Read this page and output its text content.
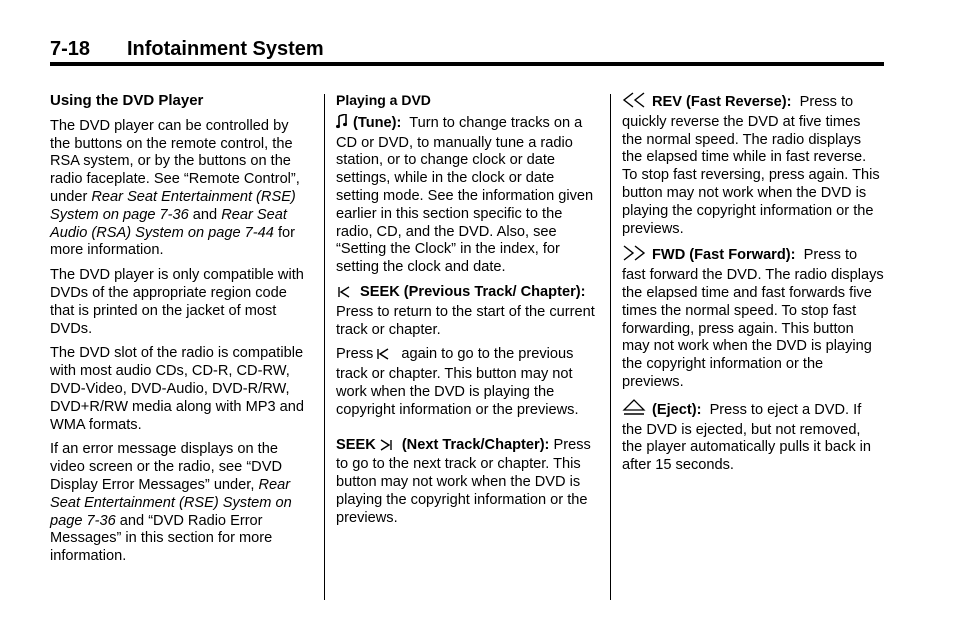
7-18 Infotainment System
Using the DVD Player

The DVD player can be controlled by the buttons on the remote control, the RSA system, or by the buttons on the radio faceplate. See “Remote Control”, under Rear Seat Entertainment (RSE) System on page 7-36 and Rear Seat Audio (RSA) System on page 7-44 for more information.

The DVD player is only compatible with DVDs of the appropriate region code that is printed on the jacket of most DVDs.

The DVD slot of the radio is compatible with most audio CDs, CD-R, CD-RW, DVD-Video, DVD-Audio, DVD-R/RW, DVD+R/RW media along with MP3 and WMA formats.

If an error message displays on the video screen or the radio, see “DVD Display Error Messages” under, Rear Seat Entertainment (RSE) System on page 7-36 and “DVD Radio Error Messages” in this section for more information.

Playing a DVD

(Tune): Turn to change tracks on a CD or DVD, to manually tune a radio station, or to change clock or date settings, while in the clock or date setting mode. See the information given earlier in this section specific to the radio, CD, and the DVD. Also, see “Setting the Clock” in the index, for setting the clock and date.

SEEK (Previous Track/ Chapter):  Press to return to the start of the current track or chapter.

Press  again to go to the previous track or chapter. This button may not work when the DVD is playing the copyright information or the previews.

SEEK (Next Track/Chapter): Press to go to the next track or chapter. This button may not work when the DVD is playing the copyright information or the previews.

REV (Fast Reverse): Press to quickly reverse the DVD at five times the normal speed. The radio displays the elapsed time while in fast reverse. To stop fast reversing, press again. This button may not work when the DVD is playing the copyright information or the previews.

FWD (Fast Forward): Press to fast forward the DVD. The radio displays the elapsed time and fast forwards five times the normal speed. To stop fast forwarding, press again. This button may not work when the DVD is playing the copyright information or the previews.

(Eject): Press to eject a DVD. If the DVD is ejected, but not removed, the player automatically pulls it back in after 15 seconds.
